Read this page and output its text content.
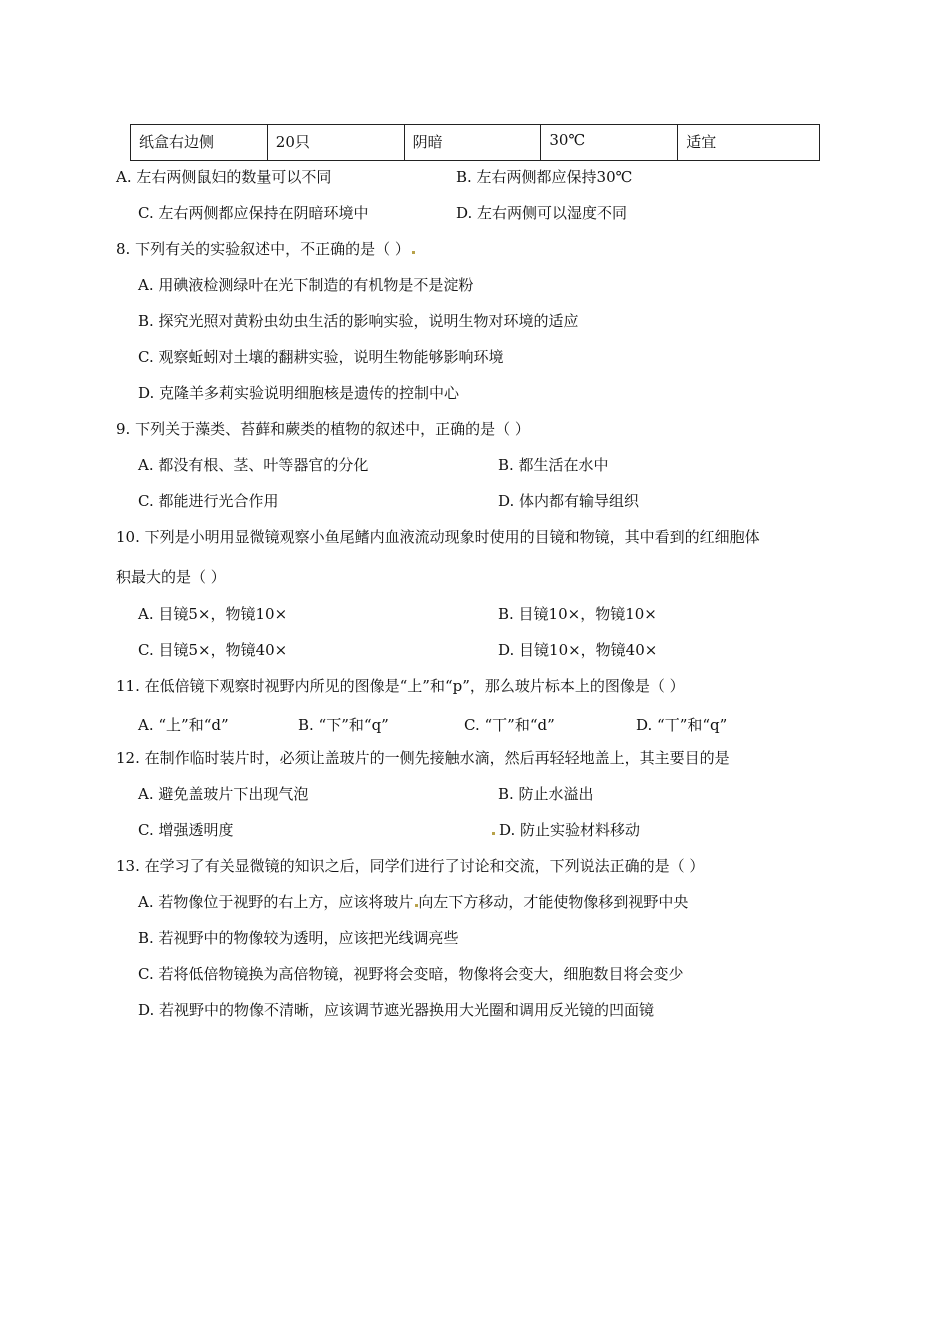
纸盒右边侧	20只	阴暗	30℃	适宜
A. 左右两侧鼠妇的数量可以不同	B. 左右两侧都应保持30℃
C. 左右两侧都应保持在阴暗环境中	D. 左右两侧可以湿度不同
8. 下列有关的实验叙述中，不正确的是（ ）
A. 用碘液检测绿叶在光下制造的有机物是不是淀粉
B. 探究光照对黄粉虫幼虫生活的影响实验，说明生物对环境的适应
C. 观察蚯蚓对土壤的翻耕实验，说明生物能够影响环境
D. 克隆羊多莉实验说明细胞核是遗传的控制中心
9. 下列关于藻类、苔藓和蕨类的植物的叙述中，正确的是（ ）
A. 都没有根、茎、叶等器官的分化	B. 都生活在水中
C. 都能进行光合作用	D. 体内都有输导组织
10. 下列是小明用显微镜观察小鱼尾鳍内血液流动现象时使用的目镜和物镜，其中看到的红细胞体
积最大的是（ ）
A. 目镜5×，物镜10×	B. 目镜10×，物镜10×
C. 目镜5×，物镜40×	D. 目镜10×，物镜40×
11. 在低倍镜下观察时视野内所见的图像是“上”和“p”，那么玻片标本上的图像是（ ）
A. “上”和“d”	B. “下”和“q”	C. “丅”和“d”	D. “丅”和“q”
12. 在制作临时装片时，必须让盖玻片的一侧先接触水滴，然后再轻轻地盖上，其主要目的是
A. 避免盖玻片下出现气泡	B. 防止水溢出
C. 增强透明度	D. 防止实验材料移动
13. 在学习了有关显微镜的知识之后，同学们进行了讨论和交流，下列说法正确的是（ ）
A. 若物像位于视野的右上方，应该将玻片 向左下方移动，才能使物像移到视野中央
B. 若视野中的物像较为透明，应该把光线调亮些
C. 若将低倍物镜换为高倍物镜，视野将会变暗，物像将会变大，细胞数目将会变少
D. 若视野中的物像不清晰，应该调节遮光器换用大光圈和调用反光镜的凹面镜
